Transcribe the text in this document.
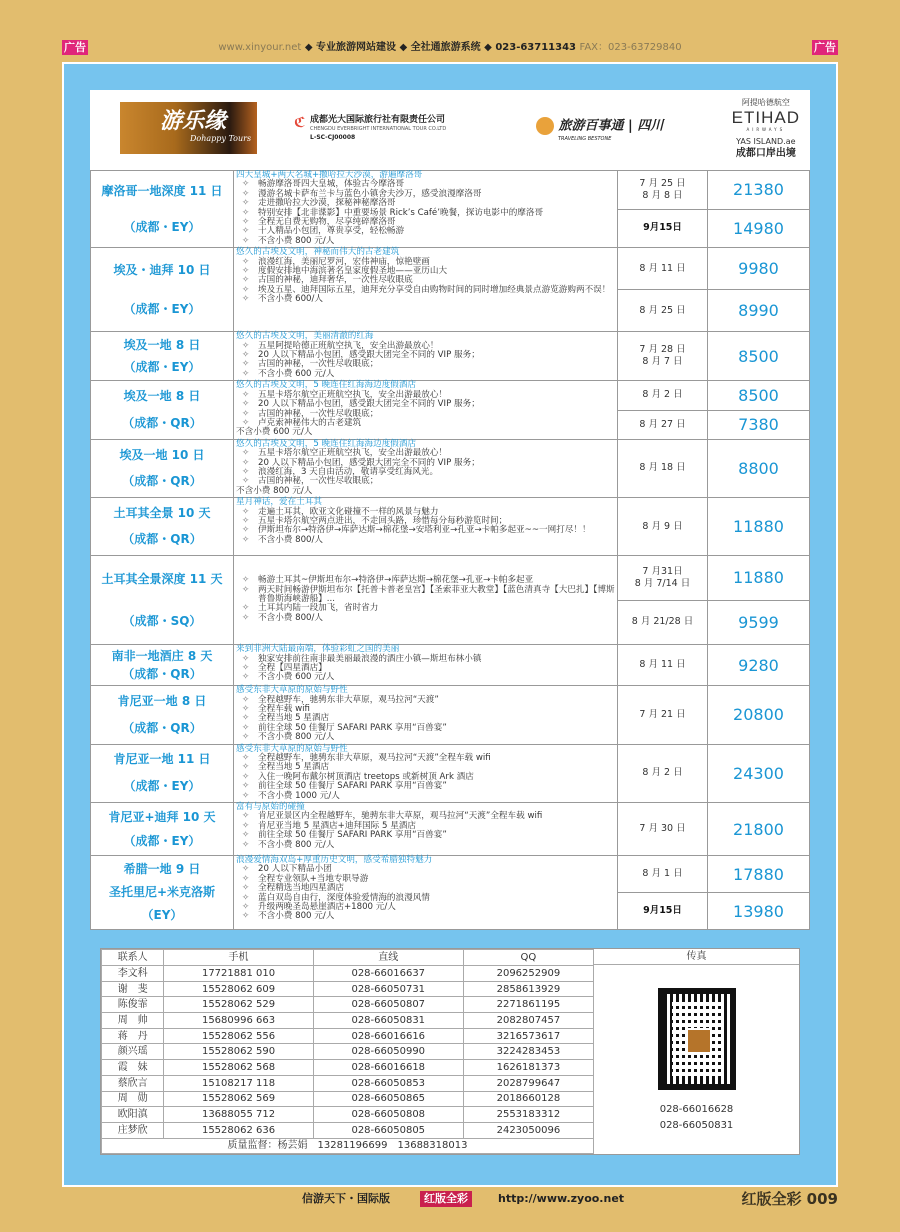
广告	广告
www.xinyour.net ◆ 专业旅游网站建设 ◆ 全社通旅游系统 ◆ 023-63711343 FAX：023-63729840
游乐缘
Dohappy Tours
ℭ 成都光大国际旅行社有限责任公司
CHENGDU EVERBRIGHT INTERNATIONAL TOUR CO.LTD
L-SC-CJ00008
旅游百事通 | 四川
TRAVELING BESTONE
阿提哈德航空
ETIHAD
AIRWAYS
YAS ISLAND.ae
成都口岸出境
摩洛哥一地深度 11 日
（成都・EY）
四大皇城+两大名城+撒哈拉大沙漠，游遍摩洛哥
✧ 畅游摩洛哥四大皇城，体验古今摩洛哥
✧ 漫游名城卡萨布兰卡与蓝色小镇舍夫沙万，感受浪漫摩洛哥
✧ 走进撒哈拉大沙漠，探秘神秘摩洛哥
✧ 特别安排【北非谍影】中重要场景 Rick’s Café’晚餐，探访电影中的摩洛哥
✧ 全程无自费无购物，尽享纯碎摩洛哥
✧ 十人精品小包团，尊贵享受，轻松畅游
✧ 不含小费 800 元/人
7 月 25 日
8 月 8 日	21380
9月15日	14980
埃及・迪拜 10 日
（成都・EY）
悠久的古埃及文明，神秘而伟大的古老建筑
✧ 浪漫红海，美丽尼罗河，宏伟神庙，惊艳壁画
✧ 度假安排地中海滨著名皇家度假圣地——亚历山大
✧ 古国的神秘，迪拜奢华，一次性尽收眼底
✧ 埃及五星、迪拜国际五星，迪拜充分享受自由购物时间的同时增加经典景点游览游购两不误！
✧ 不含小费 600/人
8 月 11 日	9980
8 月 25 日	8990
埃及一地 8 日
（成都・EY）
悠久的古埃及文明，美丽清澈的红海
✧ 五星阿提哈德正班航空执飞，安全出游最放心！
✧ 20 人以下精品小包团，感受跟大团完全不同的 VIP 服务；
✧ 古国的神秘，一次性尽收眼底；
✧ 不含小费 600 元/人
7 月 28 日
8 月 7 日	8500
埃及一地 8 日
（成都・QR）
悠久的古埃及文明，5 晚连住红海海边度假酒店
✧ 五星卡塔尔航空正班航空执飞，安全出游最放心！
✧ 20 人以下精品小包团，感受跟大团完全不同的 VIP 服务；
✧ 古国的神秘，一次性尽收眼底；
✧ 卢克索神秘伟大的古老建筑
不含小费 600 元/人
8 月 2 日	8500
8 月 27 日	7380
埃及一地 10 日
（成都・QR）
悠久的古埃及文明，5 晚连住红海海边度假酒店
✧ 五星卡塔尔航空正班航空执飞，安全出游最放心！
✧ 20 人以下精品小包团，感受跟大团完全不同的 VIP 服务；
✧ 浪漫红海，3 天自由活动，敬请享受红海风光。
✧ 古国的神秘，一次性尽收眼底；
不含小费 800 元/人
8 月 18 日	8800
土耳其全景 10 天
（成都・QR）
星月神话，爱在土耳其
✧ 走遍土耳其，欧亚文化碰撞不一样的风景与魅力
✧ 五星卡塔尔航空两点进出，不走回头路，珍惜每分每秒游览时间；
✧ 伊斯坦布尔→特洛伊→库萨达斯→棉花堡→安塔利亚→孔亚→卡帕多起亚~~一网打尽！！
✧ 不含小费 800/人
8 月 9 日	11880
土耳其全景深度 11 天
（成都・SQ）
✧ 畅游土耳其~伊斯坦布尔→特洛伊→库萨达斯→棉花堡→孔亚→卡帕多起亚
✧ 两天时间畅游伊斯坦布尔【托普卡普老皇宫】【圣索菲亚大教堂】【蓝色清真寺【大巴扎】【博斯普鲁斯海峡游船】...
✧ 土耳其内陆一段加飞，省时省力
✧ 不含小费 800/人
7 月31日
8 月 7/14 日	11880
8 月 21/28 日	9599
南非一地酒庄 8 天
（成都・QR）
来到非洲大陆最南端，体验彩虹之国的美丽
✧ 独家安排前往南非最美丽最浪漫的酒庄小镇—斯坦布林小镇
✧ 全程【四星酒店】
✧ 不含小费 600 元/人
8 月 11 日	9280
肯尼亚一地 8 日
（成都・QR）
感受东非大草原的原始与野性
✧ 全程越野车，驰骋东非大草原，观马拉河“天渡”
✧ 全程车载 wifi
✧ 全程当地 5 星酒店
✧ 前往全球 50 佳餐厅 SAFARI PARK 享用“百兽宴”
✧ 不含小费 800 元/人
7 月 21 日	20800
肯尼亚一地 11 日
（成都・EY）
感受东非大草原的原始与野性
✧ 全程越野车，驰骋东非大草原，观马拉河“天渡”全程车载 wifi
✧ 全程当地 5 星酒店
✧ 入住一晚阿布戴尔树顶酒店 treetops 或新树顶 Ark 酒店
✧ 前往全球 50 佳餐厅 SAFARI PARK 享用“百兽宴”
✧ 不含小费 1000 元/人
8 月 2 日	24300
肯尼亚+迪拜 10 天
（成都・EY）
富有与原始的碰撞
✧ 肯尼亚景区内全程越野车，驰骋东非大草原，观马拉河“天渡”全程车载 wifi
✧ 肯尼亚当地 5 星酒店+迪拜国际 5 星酒店
✧ 前往全球 50 佳餐厅 SAFARI PARK 享用“百兽宴”
✧ 不含小费 800 元/人
7 月 30 日	21800
希腊一地 9 日
圣托里尼+米克洛斯
（EY）
浪漫爱情海双岛+厚重历史文明，感受希腊独特魅力
✧ 20 人以下精品小团
✧ 全程专业领队+当地专职导游
✧ 全程精选当地四星酒店
✧ 蓝白双岛自由行，深度体验爱情海的浪漫风情
✧ 升级两晚圣岛悬崖酒店+1800 元/人
✧ 不含小费 800 元/人
8 月 1 日	17880
9月15日	13980
联系人	手机	直线	QQ
李文科	17721881 010	028-66016637	2096252909
谢　斐	15528062 609	028-66050731	2858613929
陈俊霏	15528062 529	028-66050807	2271861195
周　帅	15680996 663	028-66050831	2082807457
蒋　丹	15528062 556	028-66016616	3216573617
颜兴瑶	15528062 590	028-66050990	3224283453
霞　妹	15528062 568	028-66016618	1626181373
蔡欣言	15108217 118	028-66050853	2028799647
周　勋	15528062 569	028-66050865	2018660128
欧阳滇	13688055 712	028-66050808	2553183312
庄梦欣	15528062 636	028-66050805	2423050096
质量监督：杨芸娟　13281196699　13688318013			
传真
028-66016628
028-66050831
信游天下・国际版	红版全彩	http://www.zyoo.net	红版全彩 009
